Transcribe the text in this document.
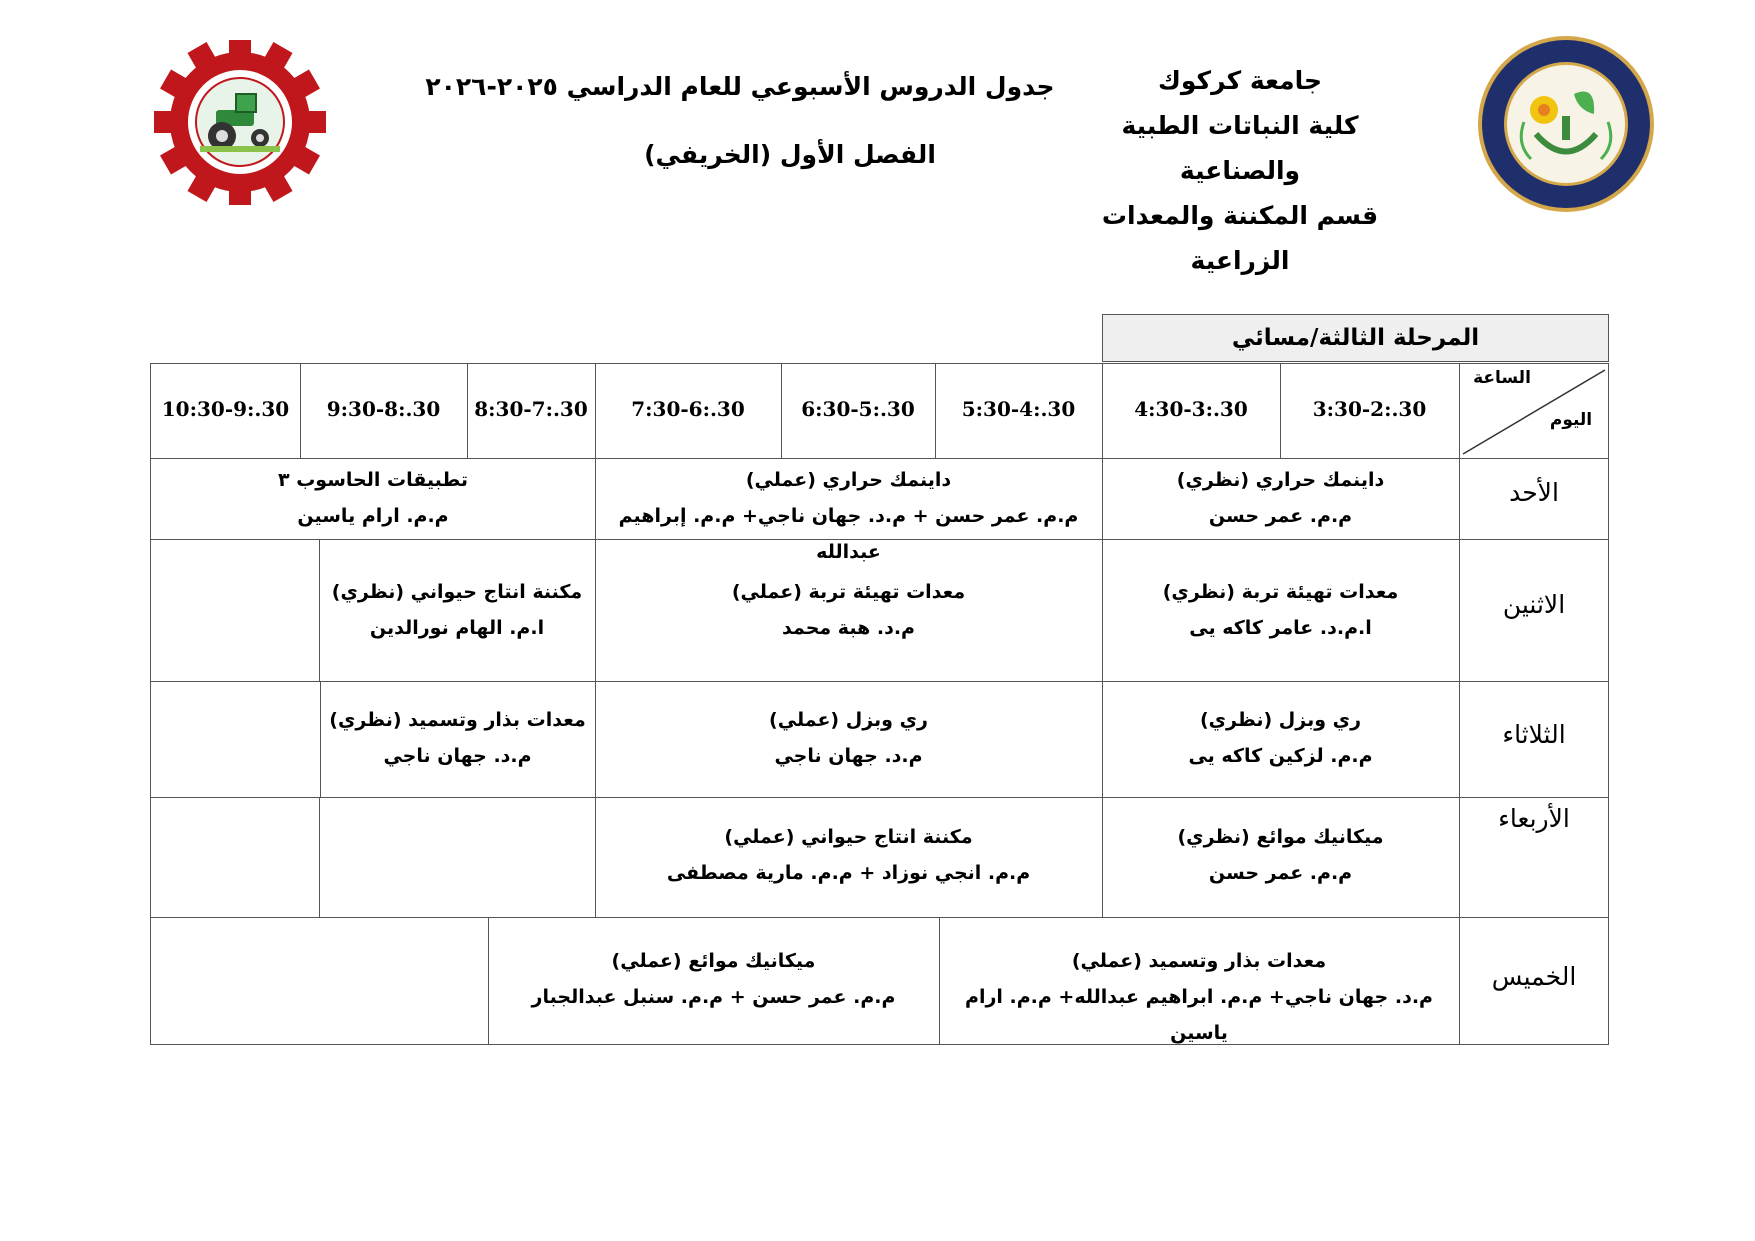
جامعة كركوك
كلية النباتات الطبية والصناعية
قسم المكننة والمعدات الزراعية
جدول الدروس الأسبوعي للعام الدراسي ٢٠٢٥-٢٠٢٦
الفصل الأول (الخريفي)
المرحلة الثالثة/مسائي
الساعة
اليوم
3:30-2:.30
4:30-3:.30
5:30-4:.30
6:30-5:.30
7:30-6:.30
8:30-7:.30
9:30-8:.30
10:30-9:.30
الأحد
الاثنين
الثلاثاء
الأربعاء
الخميس
داينمك حراري (نظري)
م.م. عمر حسن
داينمك حراري (عملي)
م.م. عمر حسن + م.د. جهان ناجي+ م.م. إبراهيم عبدالله
تطبيقات الحاسوب ٣
م.م. ارام ياسين
معدات تهيئة تربة (نظري)
ا.م.د. عامر كاكه يى
معدات تهيئة تربة (عملي)
م.د. هبة محمد
مكننة انتاج حيواني (نظري)
ا.م. الهام نورالدين
ري وبزل (نظري)
م.م. لزكين كاكه يى
ري وبزل (عملي)
م.د. جهان ناجي
معدات بذار وتسميد (نظري)
م.د. جهان ناجي
ميكانيك موائع (نظري)
م.م. عمر حسن
مكننة انتاج حيواني (عملي)
م.م. انجي نوزاد + م.م. مارية مصطفى
معدات بذار وتسميد (عملي)
م.د. جهان ناجي+ م.م. ابراهيم عبدالله+ م.م. ارام ياسين
ميكانيك موائع (عملي)
م.م. عمر حسن + م.م. سنبل عبدالجبار
